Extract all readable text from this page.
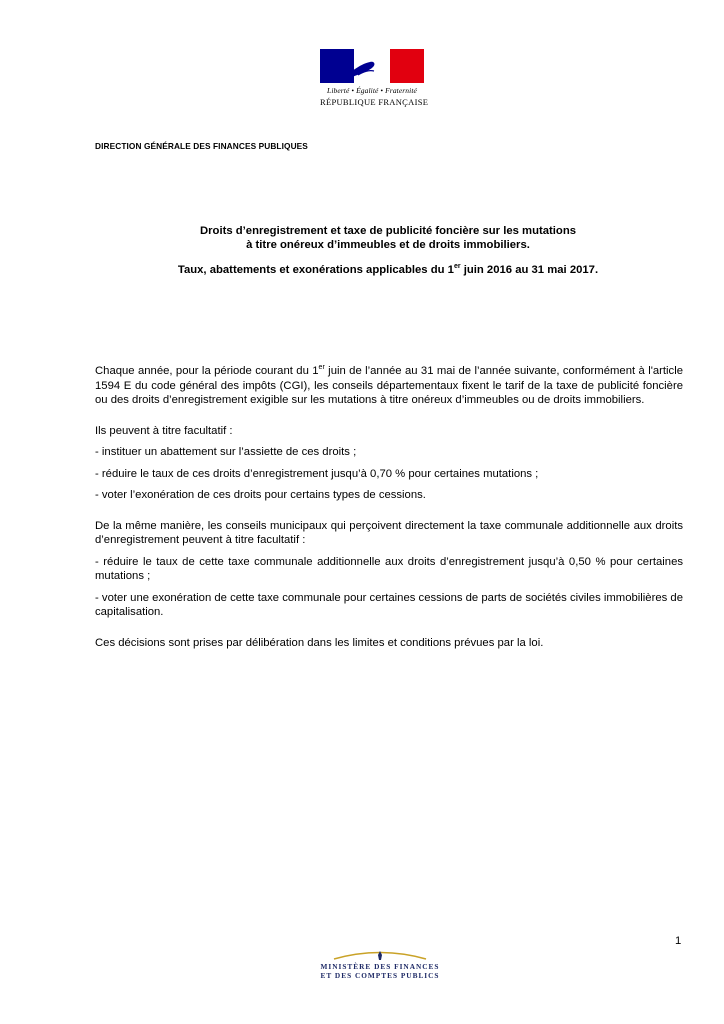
Liberté • Égalité • Fraternité
RÉPUBLIQUE FRANÇAISE
DIRECTION GÉNÉRALE DES FINANCES PUBLIQUES
Droits d’enregistrement et taxe de publicité foncière sur les mutations
à titre onéreux d’immeubles et de droits immobiliers.
Taux, abattements et exonérations applicables du 1er juin 2016 au 31 mai 2017.

Chaque année, pour la période courant du 1er juin de l’année au 31 mai de l’année suivante, conformément à l'article 1594 E du code général des impôts (CGI), les conseils départementaux fixent le tarif de la taxe de publicité foncière ou des droits d’enregistrement exigible sur les mutations à titre onéreux d’immeubles ou de droits immobiliers.

Ils peuvent à titre facultatif :

- instituer un abattement sur l’assiette de ces droits ;

- réduire le taux de ces droits d’enregistrement jusqu’à 0,70 % pour certaines mutations ;

- voter l’exonération de ces droits pour certains types de cessions.

De la même manière, les conseils municipaux qui perçoivent directement la taxe communale additionnelle aux droits d’enregistrement peuvent à titre facultatif :

- réduire le taux de cette taxe communale additionnelle aux droits d’enregistrement jusqu’à 0,50 % pour certaines mutations ;

- voter une exonération de cette taxe communale pour certaines cessions de parts de sociétés civiles immobilières de capitalisation.

Ces décisions sont prises par délibération dans les limites et conditions prévues par la loi.

1
MINISTÈRE DES FINANCES
ET DES COMPTES PUBLICS
